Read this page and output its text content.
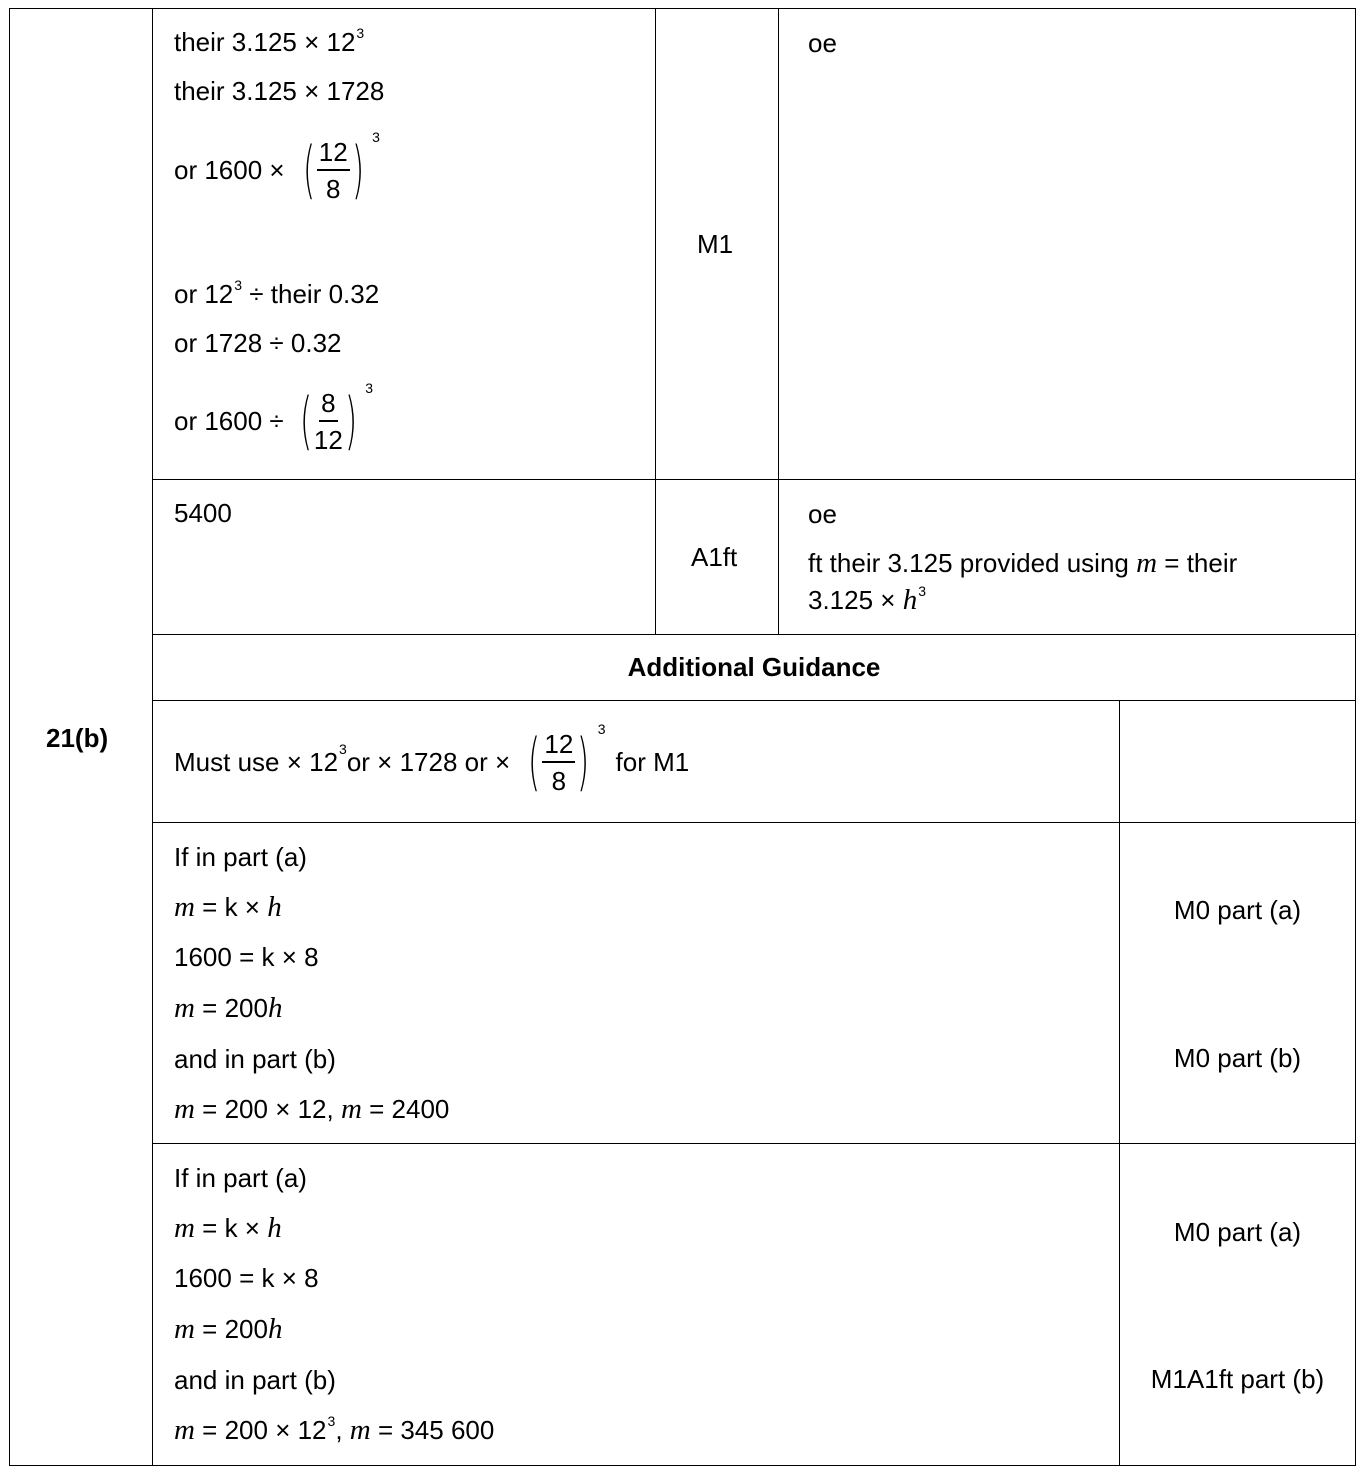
21(b)
their $3.125 \times 12^3$
their 3.125 × 1728
or 1600 × ( $\frac{12}{8}$ ) 3
or $12^3$ ÷ their 0.32
or 1728 ÷ 0.32
or 1600 ÷ ( $\frac{8}{12}$ ) 3
M1
oe
5400
A1ft
oe
ft their 3.125 provided using m = their
$3.125 \times h^3$
Additional Guidance
Must use × $12^3$ or × 1728 or × ( $\frac{12}{8}$ ) 3
for M1
If in part (a)
m = k × h
1600 = k × 8
m = 200h
and in part (b)
m = 200 × 12, m = 2400
M0 part (a)
M0 part (b)
If in part (a)
m = k × h
1600 = k × 8
m = 200h
and in part (b)
$m = 200 \times 12^3$, m = 345 600
M0 part (a)
M1A1ft part (b)
